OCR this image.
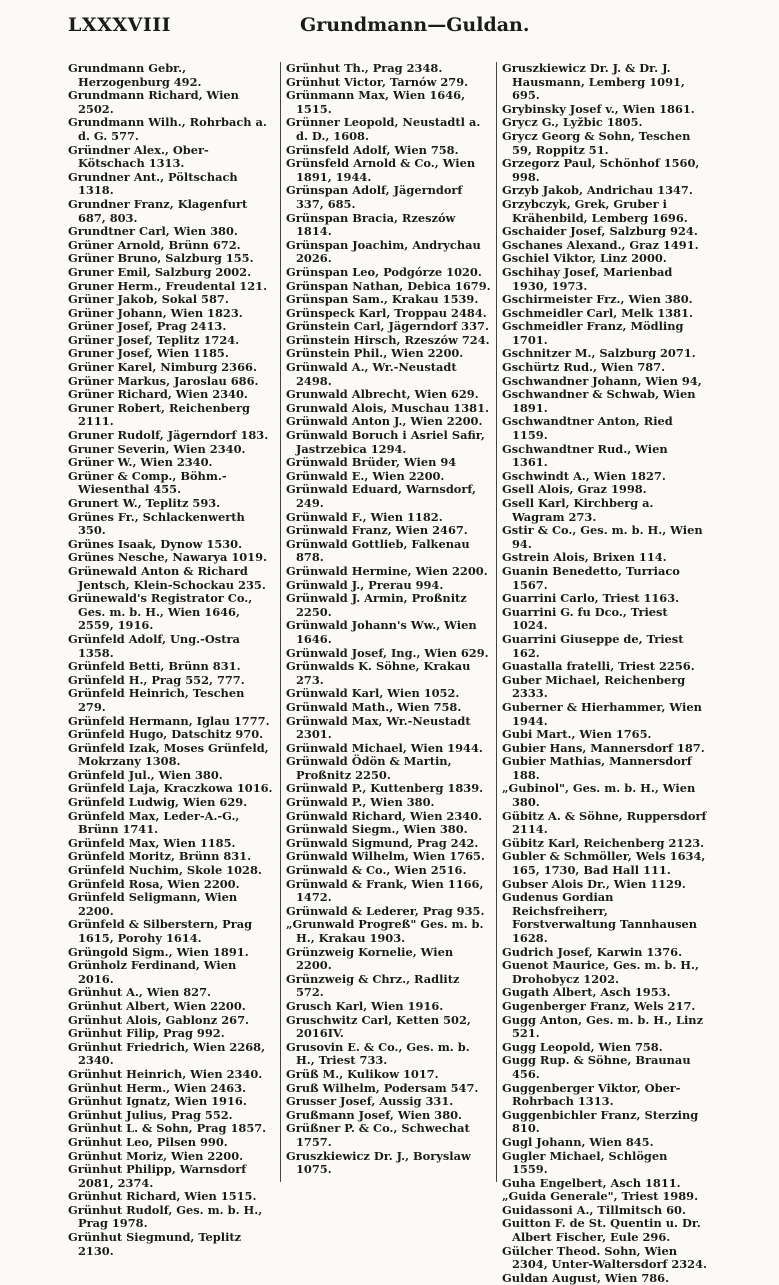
LXXXVIII	Grundmann—Guldan.

Grundmann Gebr., Herzogenburg 492.

Grundmann Richard, Wien 2502.

Grundmann Wilh., Rohrbach a. d. G. 577.

Gründner Alex., Ober-Kötschach 1313.

Grundner Ant., Pöltschach 1318.

Grundner Franz, Klagenfurt 687, 803.

Grundtner Carl, Wien 380.

Grüner Arnold, Brünn 672.

Grüner Bruno, Salzburg 155.

Gruner Emil, Salzburg 2002.

Gruner Herm., Freudental 121.

Grüner Jakob, Sokal 587.

Grüner Johann, Wien 1823.

Grüner Josef, Prag 2413.

Grüner Josef, Teplitz 1724.

Gruner Josef, Wien 1185.

Grüner Karel, Nimburg 2366.

Grüner Markus, Jaroslau 686.

Grüner Richard, Wien 2340.

Gruner Robert, Reichenberg 2111.

Gruner Rudolf, Jägerndorf 183.

Gruner Severin, Wien 2340.

Grüner W., Wien 2340.

Grüner & Comp., Böhm.-Wiesenthal 455.

Grunert W., Teplitz 593.

Grünes Fr., Schlackenwerth 350.

Grünes Isaak, Dynow 1530.

Grünes Nesche, Nawarya 1019.

Grünewald Anton & Richard Jentsch, Klein-Schockau 235.

Grünewald's Registrator Co., Ges. m. b. H., Wien 1646, 2559, 1916.

Grünfeld Adolf, Ung.-Ostra 1358.

Grünfeld Betti, Brünn 831.

Grünfeld H., Prag 552, 777.

Grünfeld Heinrich, Teschen 279.

Grünfeld Hermann, Iglau 1777.

Grünfeld Hugo, Datschitz 970.

Grünfeld Izak, Moses Grünfeld, Mokrzany 1308.

Grünfeld Jul., Wien 380.

Grünfeld Laja, Kraczkowa 1016.

Grünfeld Ludwig, Wien 629.

Grünfeld Max, Leder-A.-G., Brünn 1741.

Grünfeld Max, Wien 1185.

Grünfeld Moritz, Brünn 831.

Grünfeld Nuchim, Skole 1028.

Grünfeld Rosa, Wien 2200.

Grünfeld Seligmann, Wien 2200.

Grünfeld & Silberstern, Prag 1615, Porohy 1614.

Grüngold Sigm., Wien 1891.

Grünholz Ferdinand, Wien 2016.

Grünhut A., Wien 827.

Grünhut Albert, Wien 2200.

Grünhut Alois, Gablonz 267.

Grünhut Filip, Prag 992.

Grünhut Friedrich, Wien 2268, 2340.

Grünhut Heinrich, Wien 2340.

Grünhut Herm., Wien 2463.

Grünhut Ignatz, Wien 1916.

Grünhut Julius, Prag 552.

Grünhut L. & Sohn, Prag 1857.

Grünhut Leo, Pilsen 990.

Grünhut Moriz, Wien 2200.

Grünhut Philipp, Warnsdorf 2081, 2374.

Grünhut Richard, Wien 1515.

Grünhut Rudolf, Ges. m. b. H., Prag 1978.

Grünhut Siegmund, Teplitz 2130.

Grünhut Th., Prag 2348.

Grünhut Victor, Tarnów 279.

Grünmann Max, Wien 1646, 1515.

Grünner Leopold, Neustadtl a. d. D., 1608.

Grünsfeld Adolf, Wien 758.

Grünsfeld Arnold & Co., Wien 1891, 1944.

Grünspan Adolf, Jägerndorf 337, 685.

Grünspan Bracia, Rzeszów 1814.

Grünspan Joachim, Andrychau 2026.

Grünspan Leo, Podgórze 1020.

Grünspan Nathan, Debica 1679.

Grünspan Sam., Krakau 1539.

Grünspeck Karl, Troppau 2484.

Grünstein Carl, Jägerndorf 337.

Grünstein Hirsch, Rzeszów 724.

Grünstein Phil., Wien 2200.

Grünwald A., Wr.-Neustadt 2498.

Grunwald Albrecht, Wien 629.

Grunwald Alois, Muschau 1381.

Grünwald Anton J., Wien 2200.

Grünwald Boruch i Asriel Safir, Jastrzebica 1294.

Grünwald Brüder, Wien 94

Grünwald E., Wien 2200.

Grünwald Eduard, Warnsdorf, 249.

Grünwald F., Wien 1182.

Grünwald Franz, Wien 2467.

Grünwald Gottlieb, Falkenau 878.

Grünwald Hermine, Wien 2200.

Grünwald J., Prerau 994.

Grünwald J. Armin, Proßnitz 2250.

Grünwald Johann's Ww., Wien 1646.

Grünwald Josef, Ing., Wien 629.

Grünwalds K. Söhne, Krakau 273.

Grünwald Karl, Wien 1052.

Grünwald Math., Wien 758.

Grünwald Max, Wr.-Neustadt 2301.

Grünwald Michael, Wien 1944.

Grünwald Ödön & Martin, Proßnitz 2250.

Grünwald P., Kuttenberg 1839.

Grünwald P., Wien 380.

Grünwald Richard, Wien 2340.

Grünwald Siegm., Wien 380.

Grünwald Sigmund, Prag 242.

Grünwald Wilhelm, Wien 1765.

Grünwald & Co., Wien 2516.

Grünwald & Frank, Wien 1166, 1472.

Grünwald & Lederer, Prag 935.

„Grunwald Progreß" Ges. m. b. H., Krakau 1903.

Grünzweig Kornelie, Wien 2200.

Grünzweig & Chrz., Radlitz 572.

Grusch Karl, Wien 1916.

Gruschwitz Carl, Ketten 502, 2016IV.

Grusovin E. & Co., Ges. m. b. H., Triest 733.

Grüß M., Kulikow 1017.

Gruß Wilhelm, Podersam 547.

Grusser Josef, Aussig 331.

Grußmann Josef, Wien 380.

Grüßner P. & Co., Schwechat 1757.

Gruszkiewicz Dr. J., Boryslaw 1075.

Gruszkiewicz Dr. J. & Dr. J. Hausmann, Lemberg 1091, 695.

Grybinsky Josef v., Wien 1861.

Grycz G., Lyžbic 1805.

Grycz Georg & Sohn, Teschen 59, Roppitz 51.

Grzegorz Paul, Schönhof 1560, 998.

Grzyb Jakob, Andrichau 1347.

Grzybczyk, Grek, Gruber i Krähenbild, Lemberg 1696.

Gschaider Josef, Salzburg 924.

Gschanes Alexand., Graz 1491.

Gschiel Viktor, Linz 2000.

Gschihay Josef, Marienbad 1930, 1973.

Gschirmeister Frz., Wien 380.

Gschmeidler Carl, Melk 1381.

Gschmeidler Franz, Mödling 1701.

Gschnitzer M., Salzburg 2071.

Gschürtz Rud., Wien 787.

Gschwandner Johann, Wien 94,

Gschwandner & Schwab, Wien 1891.

Gschwandtner Anton, Ried 1159.

Gschwandtner Rud., Wien 1361.

Gschwindt A., Wien 1827.

Gsell Alois, Graz 1998.

Gsell Karl, Kirchberg a. Wagram 273.

Gstir & Co., Ges. m. b. H., Wien 94.

Gstrein Alois, Brixen 114.

Guanin Benedetto, Turriaco 1567.

Guarrini Carlo, Triest 1163.

Guarrini G. fu Dco., Triest 1024.

Guarrini Giuseppe de, Triest 162.

Guastalla fratelli, Triest 2256.

Guber Michael, Reichenberg 2333.

Guberner & Hierhammer, Wien 1944.

Gubi Mart., Wien 1765.

Gubier Hans, Mannersdorf 187.

Gubier Mathias, Mannersdorf 188.

„Gubinol", Ges. m. b. H., Wien 380.

Gübitz A. & Söhne, Ruppersdorf 2114.

Gübitz Karl, Reichenberg 2123.

Gubler & Schmöller, Wels 1634, 165, 1730, Bad Hall 111.

Gubser Alois Dr., Wien 1129.

Gudenus Gordian Reichsfreiherr, Forstverwaltung Tannhausen 1628.

Gudrich Josef, Karwin 1376.

Guenot Maurice, Ges. m. b. H., Drohobycz 1202.

Gugath Albert, Asch 1953.

Gugenberger Franz, Wels 217.

Gugg Anton, Ges. m. b. H., Linz 521.

Gugg Leopold, Wien 758.

Gugg Rup. & Söhne, Braunau 456.

Guggenberger Viktor, Ober-Rohrbach 1313.

Guggenbichler Franz, Sterzing 810.

Gugl Johann, Wien 845.

Gugler Michael, Schlögen 1559.

Guha Engelbert, Asch 1811.

„Guida Generale", Triest 1989.

Guidassoni A., Tillmitsch 60.

Guitton F. de St. Quentin u. Dr. Albert Fischer, Eule 296.

Gülcher Theod. Sohn, Wien 2304, Unter-Waltersdorf 2324.

Guldan August, Wien 786.
